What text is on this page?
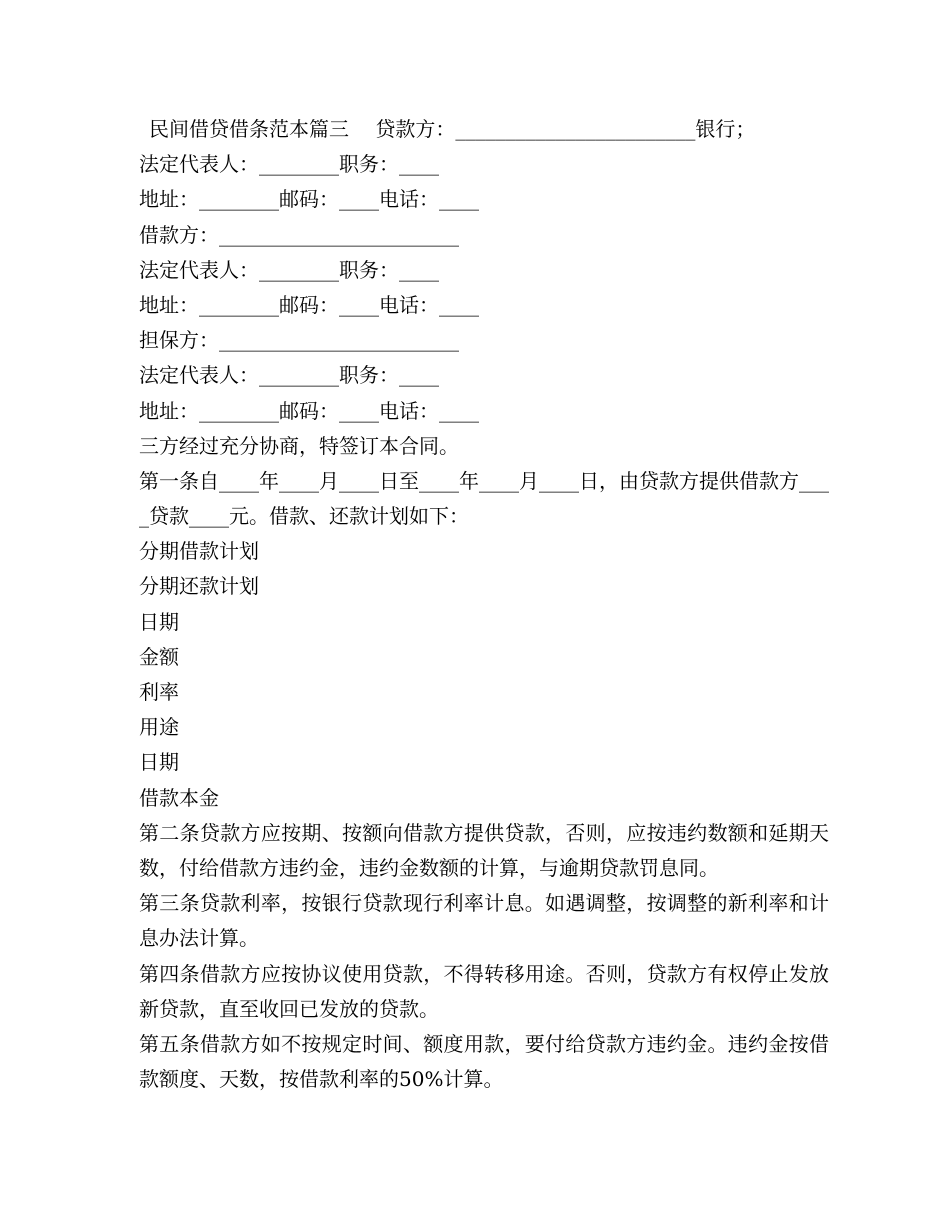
民间借贷借条范本篇三　 贷款方：________________________银行；
法定代表人：________职务：____
地址：________邮码：____电话：____
借款方：________________________
法定代表人：________职务：____
地址：________邮码：____电话：____
担保方：________________________
法定代表人：________职务：____
地址：________邮码：____电话：____
三方经过充分协商，特签订本合同。
第一条自____年____月____日至____年____月____日，由贷款方提供借款方____贷款____元。借款、还款计划如下：
分期借款计划
分期还款计划
日期
金额
利率
用途
日期
借款本金
第二条贷款方应按期、按额向借款方提供贷款，否则，应按违约数额和延期天数，付给借款方违约金，违约金数额的计算，与逾期贷款罚息同。
第三条贷款利率，按银行贷款现行利率计息。如遇调整，按调整的新利率和计息办法计算。
第四条借款方应按协议使用贷款，不得转移用途。否则，贷款方有权停止发放新贷款，直至收回已发放的贷款。
第五条借款方如不按规定时间、额度用款，要付给贷款方违约金。违约金按借款额度、天数，按借款利率的50%计算。
